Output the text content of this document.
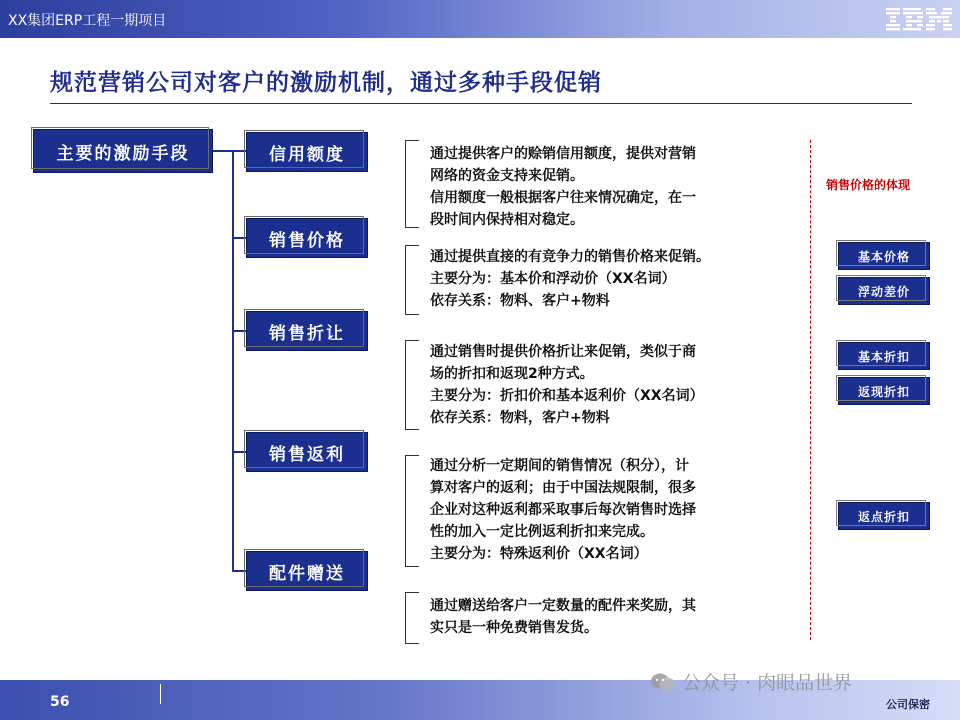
XX集团ERP工程一期项目
规范营销公司对客户的激励机制，通过多种手段促销
主要的激励手段	信用额度
销售价格
销售折让
销售返利
配件赠送

通过提供客户的赊销信用额度，提供对营销

网络的资金支持来促销。

信用额度一般根据客户往来情况确定，在一

段时间内保持相对稳定。

通过提供直接的有竞争力的销售价格来促销。

主要分为：基本价和浮动价（XX名词）

依存关系：物料、客户+物料

通过销售时提供价格折让来促销，类似于商

场的折扣和返现2种方式。

主要分为：折扣价和基本返利价（XX名词）

依存关系：物料，客户+物料

通过分析一定期间的销售情况（积分），计

算对客户的返利；由于中国法规限制，很多

企业对这种返利都采取事后每次销售时选择

性的加入一定比例返利折扣来完成。

主要分为：特殊返利价（XX名词）

通过赠送给客户一定数量的配件来奖励，其

实只是一种免费销售发货。

销售价格的体现
基本价格
浮动差价
基本折扣
返现折扣
返点折扣
56
公众号 · 肉眼品世界
公司保密
